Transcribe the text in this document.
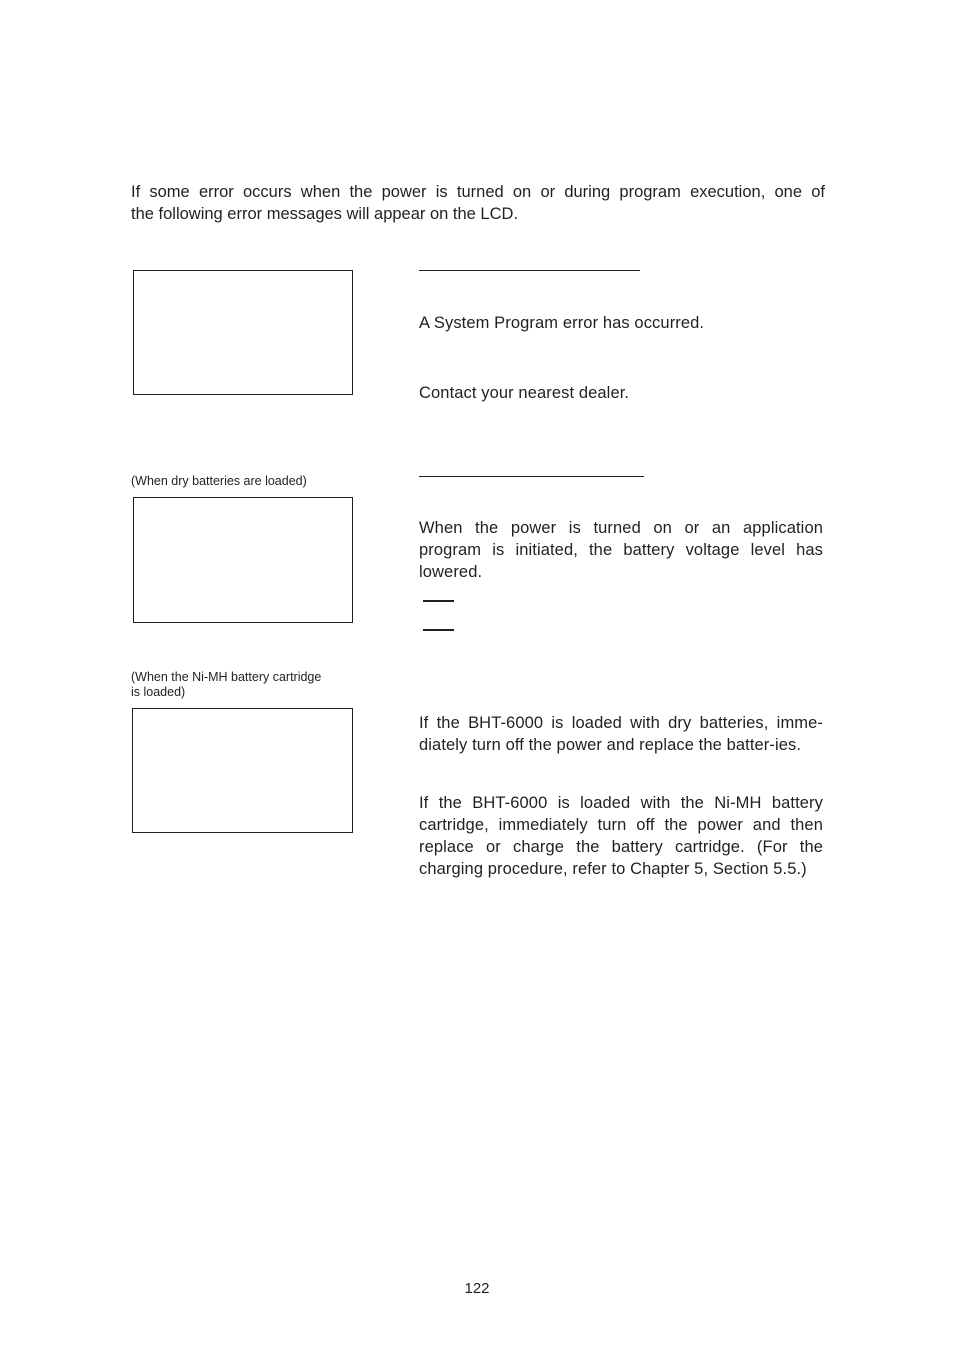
If some error occurs when the power is turned on or during program execution, one of
the following error messages will appear on the LCD.
A System Program error has occurred.
Contact your nearest dealer.
(When dry batteries are loaded)
When the power is turned on or an application program is initiated, the battery voltage level has lowered.
(When the Ni-MH battery cartridge
is loaded)
If the BHT-6000 is loaded with dry batteries, imme-diately turn off the power and replace the batter-ies.
If the BHT-6000 is loaded with the Ni-MH battery cartridge, immediately turn off the power and then replace or charge the battery cartridge. (For the charging procedure, refer to Chapter 5, Section 5.5.)
122
